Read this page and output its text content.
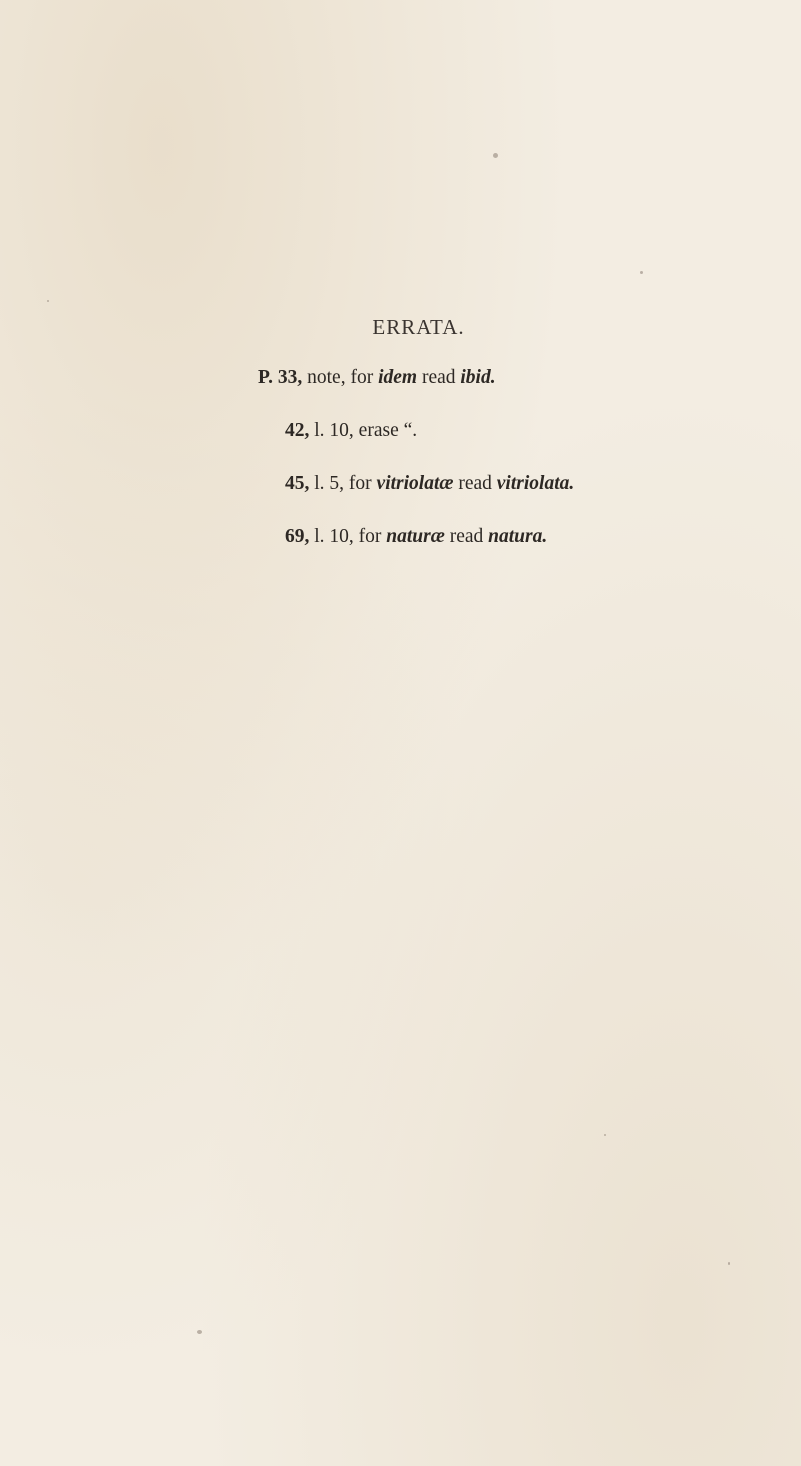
ERRATA.
P. 33, note, for idem read ibid.
42, l. 10, erase “.
45, l. 5, for vitriolatæ read vitriolata.
69, l. 10, for naturæ read natura.
